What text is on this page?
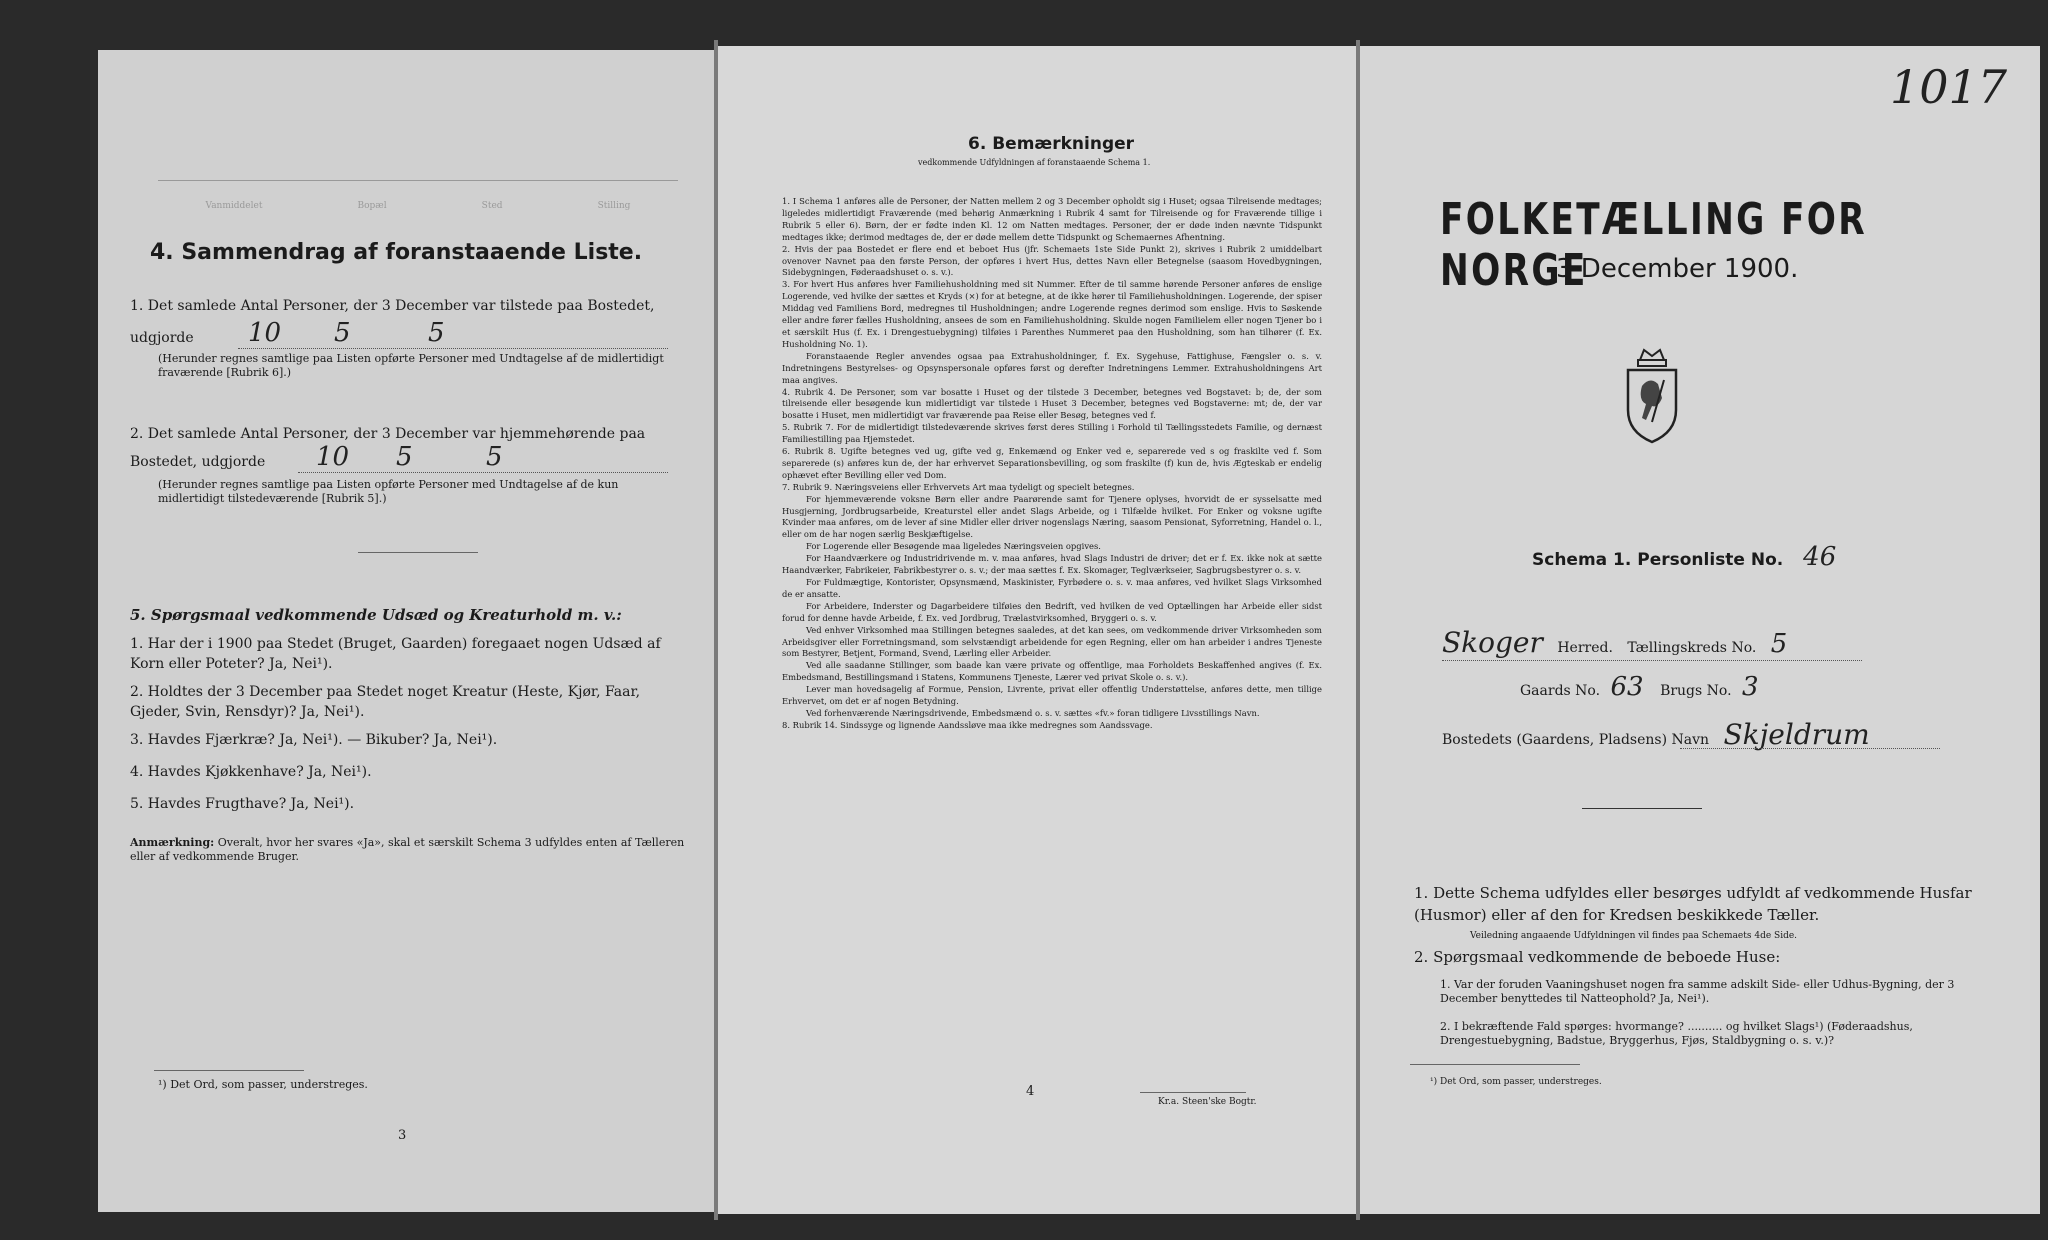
Vanmiddelet	Bopæl	Sted	Stilling
4. Sammendrag af foranstaaende Liste.
1. Det samlede Antal Personer, der 3 December var tilstede paa Bostedet,
udgjorde 10 5	5
(Herunder regnes samtlige paa Listen opførte Personer med Undtagelse af de midlertidigt fraværende [Rubrik 6].)
2. Det samlede Antal Personer, der 3 December var hjemmehørende paa
Bostedet, udgjorde 10 5	5
(Herunder regnes samtlige paa Listen opførte Personer med Undtagelse af de kun midlertidigt tilstedeværende [Rubrik 5].)
5. Spørgsmaal vedkommende Udsæd og Kreaturhold m. v.:
1. Har der i 1900 paa Stedet (Bruget, Gaarden) foregaaet nogen Udsæd af Korn eller Poteter? Ja, Nei¹).
2. Holdtes der 3 December paa Stedet noget Kreatur (Heste, Kjør, Faar, Gjeder, Svin, Rensdyr)? Ja, Nei¹).
3. Havdes Fjærkræ? Ja, Nei¹). — Bikuber? Ja, Nei¹).
4. Havdes Kjøkkenhave? Ja, Nei¹).
5. Havdes Frugthave? Ja, Nei¹).
Anmærkning: Overalt, hvor her svares «Ja», skal et særskilt Schema 3 udfyldes enten af Tælleren eller af vedkommende Bruger.
¹) Det Ord, som passer, understreges.
3
6. Bemærkninger
vedkommende Udfyldningen af foranstaaende Schema 1.

1. I Schema 1 anføres alle de Personer, der Natten mellem 2 og 3 December opholdt sig i Huset; ogsaa Tilreisende medtages; ligeledes midlertidigt Fraværende (med behørig Anmærkning i Rubrik 4 samt for Tilreisende og for Fraværende tillige i Rubrik 5 eller 6). Børn, der er fødte inden Kl. 12 om Natten medtages. Personer, der er døde inden nævnte Tidspunkt medtages ikke; derimod medtages de, der er døde mellem dette Tidspunkt og Schemaernes Afhentning.

2. Hvis der paa Bostedet er flere end et beboet Hus (jfr. Schemaets 1ste Side Punkt 2), skrives i Rubrik 2 umiddelbart ovenover Navnet paa den første Person, der opføres i hvert Hus, dettes Navn eller Betegnelse (saasom Hovedbygningen, Sidebygningen, Føderaadshuset o. s. v.).

3. For hvert Hus anføres hver Familiehusholdning med sit Nummer. Efter de til samme hørende Personer anføres de enslige Logerende, ved hvilke der sættes et Kryds (×) for at betegne, at de ikke hører til Familiehusholdningen. Logerende, der spiser Middag ved Familiens Bord, medregnes til Husholdningen; andre Logerende regnes derimod som enslige. Hvis to Søskende eller andre fører fælles Husholdning, ansees de som en Familiehusholdning. Skulde nogen Familielem eller nogen Tjener bo i et særskilt Hus (f. Ex. i Drengestuebygning) tilføies i Parenthes Nummeret paa den Husholdning, som han tilhører (f. Ex. Husholdning No. 1).

Foranstaaende Regler anvendes ogsaa paa Extrahusholdninger, f. Ex. Sygehuse, Fattighuse, Fængsler o. s. v. Indretningens Bestyrelses- og Opsynspersonale opføres først og derefter Indretningens Lemmer. Extrahusholdningens Art maa angives.

4. Rubrik 4. De Personer, som var bosatte i Huset og der tilstede 3 December, betegnes ved Bogstavet: b; de, der som tilreisende eller besøgende kun midlertidigt var tilstede i Huset 3 December, betegnes ved Bogstaverne: mt; de, der var bosatte i Huset, men midlertidigt var fraværende paa Reise eller Besøg, betegnes ved f.

5. Rubrik 7. For de midlertidigt tilstedeværende skrives først deres Stilling i Forhold til Tællingsstedets Familie, og dernæst Familiestilling paa Hjemstedet.

6. Rubrik 8. Ugifte betegnes ved ug, gifte ved g, Enkemænd og Enker ved e, separerede ved s og fraskilte ved f. Som separerede (s) anføres kun de, der har erhvervet Separationsbevilling, og som fraskilte (f) kun de, hvis Ægteskab er endelig ophævet efter Bevilling eller ved Dom.

7. Rubrik 9. Næringsveiens eller Erhvervets Art maa tydeligt og specielt betegnes.

For hjemmeværende voksne Børn eller andre Paarørende samt for Tjenere oplyses, hvorvidt de er sysselsatte med Husgjerning, Jordbrugsarbeide, Kreaturstel eller andet Slags Arbeide, og i Tilfælde hvilket. For Enker og voksne ugifte Kvinder maa anføres, om de lever af sine Midler eller driver nogenslags Næring, saasom Pensionat, Syforretning, Handel o. l., eller om de har nogen særlig Beskjæftigelse.

For Logerende eller Besøgende maa ligeledes Næringsveien opgives.

For Haandværkere og Industridrivende m. v. maa anføres, hvad Slags Industri de driver; det er f. Ex. ikke nok at sætte Haandværker, Fabrikeier, Fabrikbestyrer o. s. v.; der maa sættes f. Ex. Skomager, Teglværkseier, Sagbrugsbestyrer o. s. v.

For Fuldmægtige, Kontorister, Opsynsmænd, Maskinister, Fyrbødere o. s. v. maa anføres, ved hvilket Slags Virksomhed de er ansatte.

For Arbeidere, Inderster og Dagarbeidere tilføies den Bedrift, ved hvilken de ved Optællingen har Arbeide eller sidst forud for denne havde Arbeide, f. Ex. ved Jordbrug, Trælastvirksomhed, Bryggeri o. s. v.

Ved enhver Virksomhed maa Stillingen betegnes saaledes, at det kan sees, om vedkommende driver Virksomheden som Arbeidsgiver eller Forretningsmand, som selvstændigt arbeidende for egen Regning, eller om han arbeider i andres Tjeneste som Bestyrer, Betjent, Formand, Svend, Lærling eller Arbeider.

Ved alle saadanne Stillinger, som baade kan være private og offentlige, maa Forholdets Beskaffenhed angives (f. Ex. Embedsmand, Bestillingsmand i Statens, Kommunens Tjeneste, Lærer ved privat Skole o. s. v.).

Lever man hovedsagelig af Formue, Pension, Livrente, privat eller offentlig Understøttelse, anføres dette, men tillige Erhvervet, om det er af nogen Betydning.

Ved forhenværende Næringsdrivende, Embedsmænd o. s. v. sættes «fv.» foran tidligere Livsstillings Navn.

8. Rubrik 14. Sindssyge og lignende Aandssløve maa ikke medregnes som Aandssvage.

4
Kr.a. Steen'ske Bogtr.
1017
FOLKETÆLLING FOR NORGE
3 December 1900.
Schema 1. Personliste No. 46
Skoger Herred. Tællingskreds No. 5
Gaards No. 63 Brugs No. 3
Bostedets (Gaardens, Pladsens) Navn Skjeldrum
1. Dette Schema udfyldes eller besørges udfyldt af vedkommende Husfar (Husmor) eller af den for Kredsen beskikkede Tæller.
Veiledning angaaende Udfyldningen vil findes paa Schemaets 4de Side.
2. Spørgsmaal vedkommende de beboede Huse:
1. Var der foruden Vaaningshuset nogen fra samme adskilt Side- eller Udhus-Bygning, der 3 December benyttedes til Natteophold? Ja, Nei¹).
2. I bekræftende Fald spørges: hvormange? .......... og hvilket Slags¹) (Føderaadshus, Drengestuebygning, Badstue, Bryggerhus, Fjøs, Staldbygning o. s. v.)?
¹) Det Ord, som passer, understreges.
